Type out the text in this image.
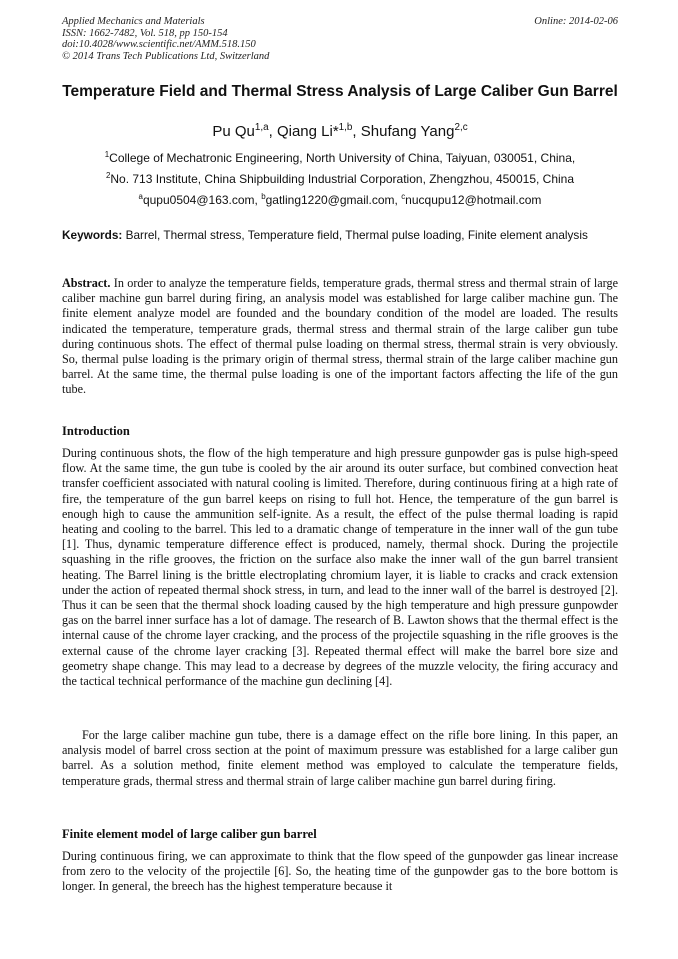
Applied Mechanics and Materials
ISSN: 1662-7482, Vol. 518, pp 150-154
doi:10.4028/www.scientific.net/AMM.518.150
© 2014 Trans Tech Publications Ltd, Switzerland
Online: 2014-02-06
Temperature Field and Thermal Stress Analysis of Large Caliber Gun Barrel
Pu Qu$^{1,a}$, Qiang Li*$^{1,b}$, Shufang Yang$^{2,c}$
$^1$College of Mechatronic Engineering, North University of China, Taiyuan, 030051, China,
$^2$No. 713 Institute, China Shipbuilding Industrial Corporation, Zhengzhou, 450015, China
$^a$qupu0504@163.com, $^b$gatling1220@gmail.com, $^c$nucqupu12@hotmail.com
Keywords: Barrel, Thermal stress, Temperature field, Thermal pulse loading, Finite element analysis

Abstract. In order to analyze the temperature fields, temperature grads, thermal stress and thermal strain of large caliber machine gun barrel during firing, an analysis model was established for large caliber machine gun. The finite element analyze model are founded and the boundary condition of the model are loaded. The results indicated the temperature, temperature grads, thermal stress and thermal strain of the large caliber gun tube during continuous shots. The effect of thermal pulse loading on thermal stress, thermal strain is very obviously. So, thermal pulse loading is the primary origin of thermal stress, thermal strain of the large caliber machine gun barrel. At the same time, the thermal pulse loading is one of the important factors affecting the life of the gun tube.

Introduction

During continuous shots, the flow of the high temperature and high pressure gunpowder gas is pulse high-speed flow. At the same time, the gun tube is cooled by the air around its outer surface, but combined convection heat transfer coefficient associated with natural cooling is limited. Therefore, during continuous firing at a high rate of fire, the temperature of the gun barrel keeps on rising to full hot. Hence, the temperature of the gun barrel is enough high to cause the ammunition self-ignite. As a result, the effect of the pulse thermal loading is rapid heating and cooling to the barrel. This led to a dramatic change of temperature in the inner wall of the gun tube [1]. Thus, dynamic temperature difference effect is produced, namely, thermal shock. During the projectile squashing in the rifle grooves, the friction on the surface also make the inner wall of the gun barrel transient heating. The Barrel lining is the brittle electroplating chromium layer, it is liable to cracks and crack extension under the action of repeated thermal shock stress, in turn, and lead to the inner wall of the barrel is destroyed [2]. Thus it can be seen that the thermal shock loading caused by the high temperature and high pressure gunpowder gas on the barrel inner surface has a lot of damage. The research of B. Lawton shows that the thermal effect is the internal cause of the chrome layer cracking, and the process of the projectile squashing in the rifle grooves is the external cause of the chrome layer cracking [3]. Repeated thermal effect will make the barrel bore size and geometry shape change. This may lead to a decrease by degrees of the muzzle velocity, the firing accuracy and the tactical technical performance of the machine gun declining [4].

For the large caliber machine gun tube, there is a damage effect on the rifle bore lining. In this paper, an analysis model of barrel cross section at the point of maximum pressure was established for a large caliber gun barrel. As a solution method, finite element method was employed to calculate the temperature fields, temperature grads, thermal stress and thermal strain of large caliber machine gun barrel during firing.

Finite element model of large caliber gun barrel

During continuous firing, we can approximate to think that the flow speed of the gunpowder gas linear increase from zero to the velocity of the projectile [6]. So, the heating time of the gunpowder gas to the bore bottom is longer. In general, the breech has the highest temperature because it
